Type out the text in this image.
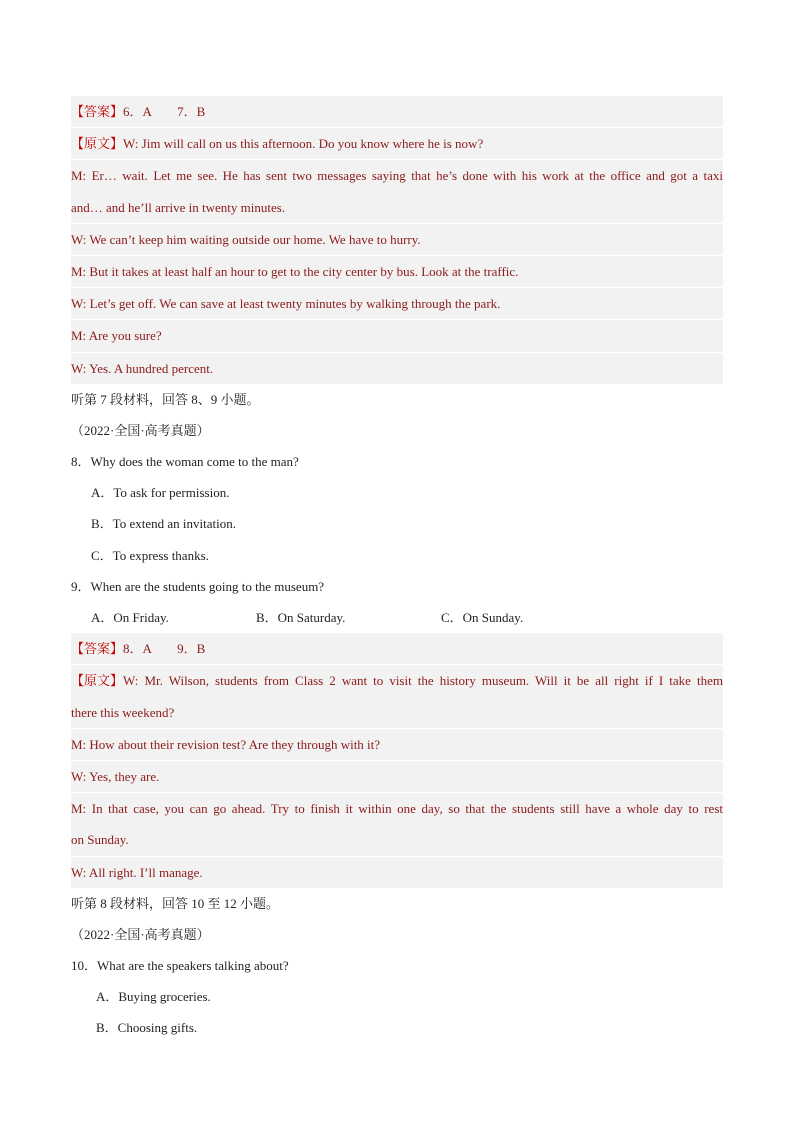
【答案】6．A　　7．B
【原文】W: Jim will call on us this afternoon. Do you know where he is now?
M: Er… wait. Let me see. He has sent two messages saying that he’s done with his work at the office and got a taxi
and… and he’ll arrive in twenty minutes.
W: We can’t keep him waiting outside our home. We have to hurry.
M: But it takes at least half an hour to get to the city center by bus. Look at the traffic.
W: Let’s get off. We can save at least twenty minutes by walking through the park.
M: Are you sure?
W: Yes. A hundred percent.
听第 7 段材料，回答 8、9 小题。
（2022·全国·高考真题）
8．Why does the woman come to the man?
A．To ask for permission.
B．To extend an invitation.
C．To express thanks.
9．When are the students going to the museum?
A．On Friday.	B．On Saturday.	C．On Sunday.
【答案】8．A　　9．B
【原文】 W: Mr. Wilson, students from Class 2 want to visit the history museum. Will it be all right if I take them
there this weekend?
M: How about their revision test? Are they through with it?
W: Yes, they are.
M: In that case, you can go ahead. Try to finish it within one day, so that the students still have a whole day to rest
on Sunday.
W: All right. I’ll manage.
听第 8 段材料，回答 10 至 12 小题。
（2022·全国·高考真题）
10．What are the speakers talking about?
A．Buying groceries.
B．Choosing gifts.
